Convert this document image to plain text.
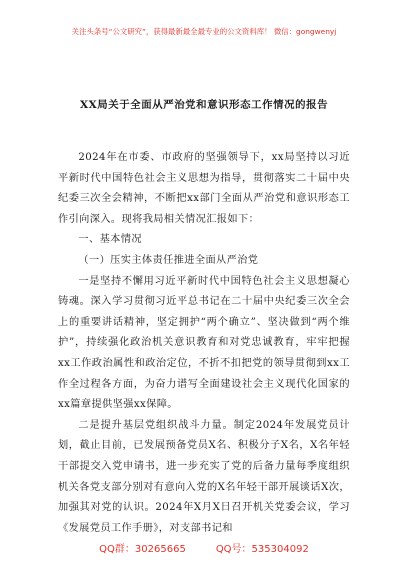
关注头条号“公文研究”，获得最新最全最专业的公文资料库！ 微信：gongwenyj
XX局关于全面从严治党和意识形态工作情况的报告

2024年在市委、市政府的坚强领导下，xx局坚持以习近平新时代中国特色社会主义思想为指导，贯彻落实二十届中央纪委三次全会精神，不断把xx部门全面从严治党和意识形态工作引向深入。现将我局相关情况汇报如下：

一、基本情况

（一）压实主体责任推进全面从严治党

一是坚持不懈用习近平新时代中国特色社会主义思想凝心铸魂。深入学习贯彻习近平总书记在二十届中央纪委三次全会上的重要讲话精神，坚定拥护“两个确立”、坚决做到“两个维护”，持续强化政治机关意识教育和对党忠诚教育，牢牢把握xx工作政治属性和政治定位，不折不扣把党的领导贯彻到xx工作全过程各方面，为奋力谱写全面建设社会主义现代化国家的xx篇章提供坚强xx保障。

二是提升基层党组织战斗力量。制定2024年发展党员计划，截止目前，已发展预备党员X名、积极分子X名，X名年轻干部提交入党申请书，进一步充实了党的后备力量每季度组织机关各党支部分别对有意向入党的X名年轻干部开展谈话X次，加强其对党的认识。2024年X月X日召开机关党委会议，学习《发展党员工作手册》，对支部书记和

QQ群：30265665	QQ号：535304092
